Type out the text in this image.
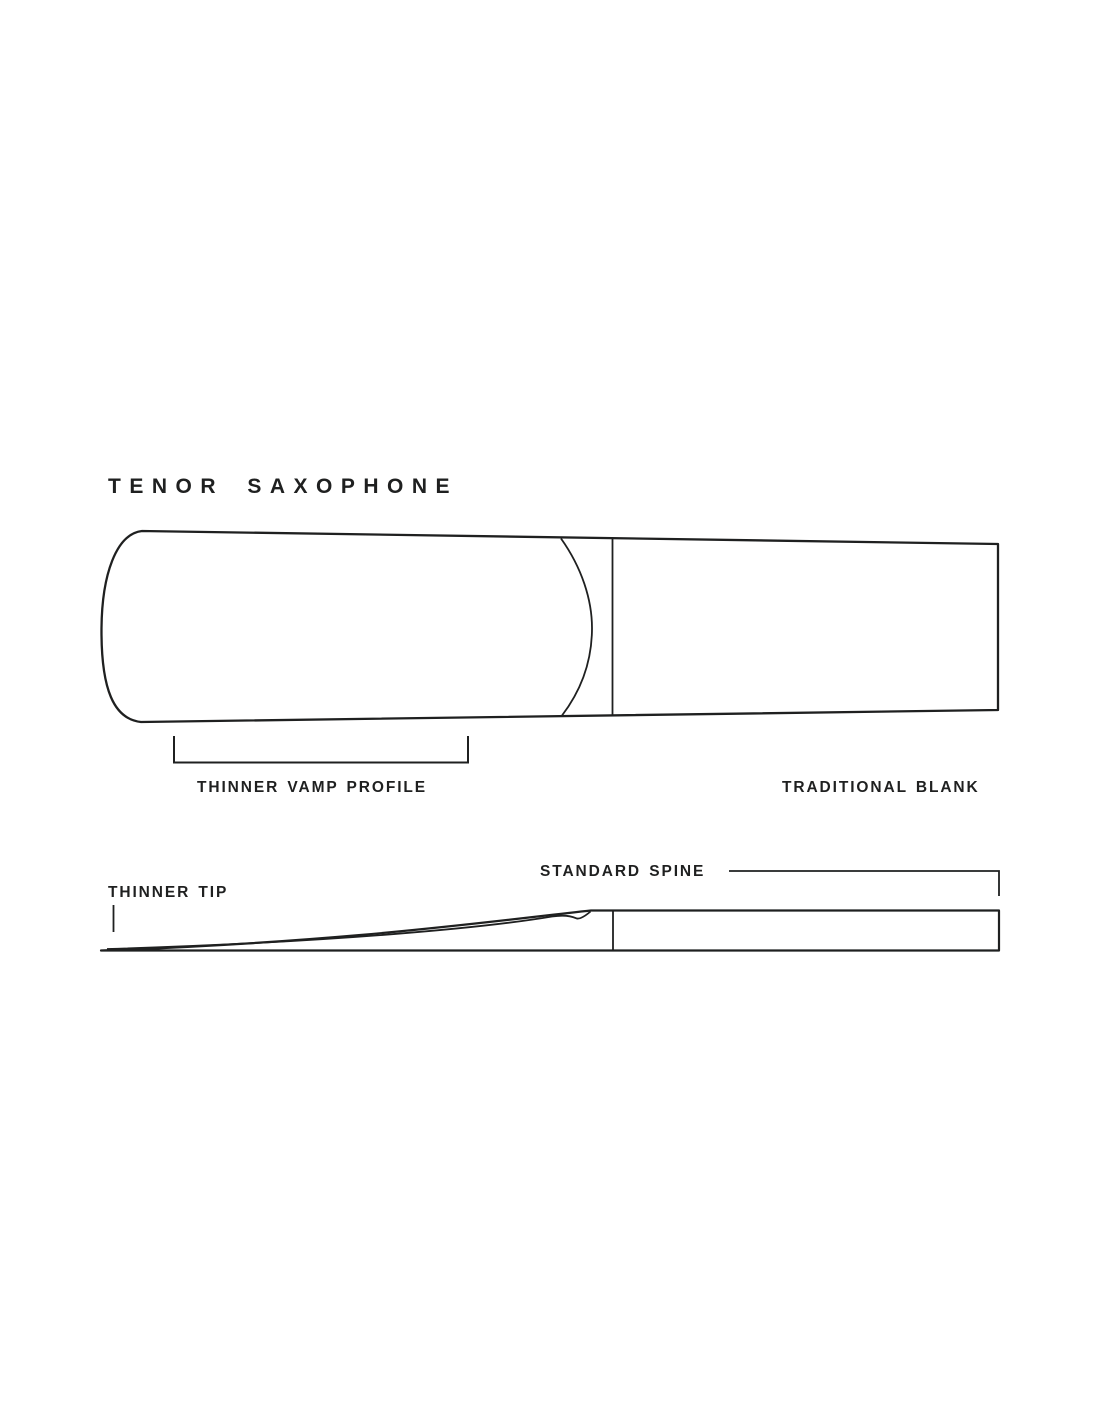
TENOR SAXOPHONE
THINNER VAMP PROFILE	TRADITIONAL BLANK
STANDARD SPINE
THINNER TIP
